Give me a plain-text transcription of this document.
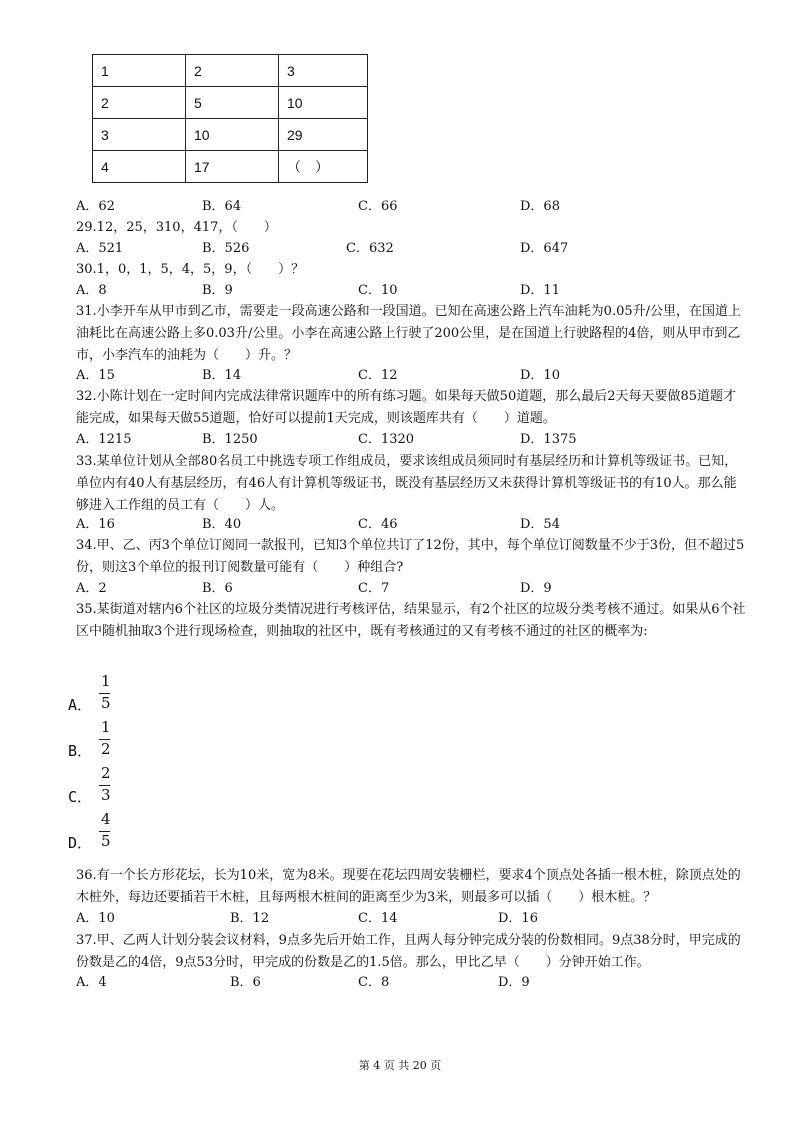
1	2	3
2	5	10
3	10	29
4	17	（　）
A．62	B．64	C．66	D．68
29.12，25，310，417，（　　）
A．521	B．526	C．632	D．647
30.1，0，1，5，4，5，9，（　　）？
A．8	B．9	C．10	D．11
31.小李开车从甲市到乙市，需要走一段高速公路和一段国道。已知在高速公路上汽车油耗为0.05升/公里，在国道上油耗比在高速公路上多0.03升/公里。小李在高速公路上行驶了200公里，是在国道上行驶路程的4倍，则从甲市到乙市，小李汽车的油耗为（　　）升。？
A．15	B．14	C．12	D．10
32.小陈计划在一定时间内完成法律常识题库中的所有练习题。如果每天做50道题，那么最后2天每天要做85道题才能完成，如果每天做55道题，恰好可以提前1天完成，则该题库共有（　　）道题。
A．1215	B．1250	C．1320	D．1375
33.某单位计划从全部80名员工中挑选专项工作组成员，要求该组成员须同时有基层经历和计算机等级证书。已知，单位内有40人有基层经历，有46人有计算机等级证书，既没有基层经历又未获得计算机等级证书的有10人。那么能够进入工作组的员工有（　　）人。
A．16	B．40	C．46	D．54
34.甲、乙、丙3个单位订阅同一款报刊，已知3个单位共订了12份，其中，每个单位订阅数量不少于3份，但不超过5份，则这3个单位的报刊订阅数量可能有（　　）种组合?
A．2	B．6	C．7	D．9
35.某街道对辖内6个社区的垃圾分类情况进行考核评估，结果显示，有2个社区的垃圾分类考核不通过。如果从6个社区中随机抽取3个进行现场检查，则抽取的社区中，既有考核通过的又有考核不通过的社区的概率为:
A．
1
5
B．
1
2
C．
2
3
D．
4
5
36.有一个长方形花坛，长为10米，宽为8米。现要在花坛四周安装栅栏，要求4个顶点处各插一根木桩，除顶点处的木桩外，每边还要插若干木桩，且每两根木桩间的距离至少为3米，则最多可以插（　　）根木桩。？
A．10	B．12	C．14	D．16
37.甲、乙两人计划分装会议材料，9点多先后开始工作，且两人每分钟完成分装的份数相同。9点38分时，甲完成的份数是乙的4倍，9点53分时，甲完成的份数是乙的1.5倍。那么，甲比乙早（　　）分钟开始工作。
A．4	B．6	C．8	D．9
第 4 页 共 20 页
